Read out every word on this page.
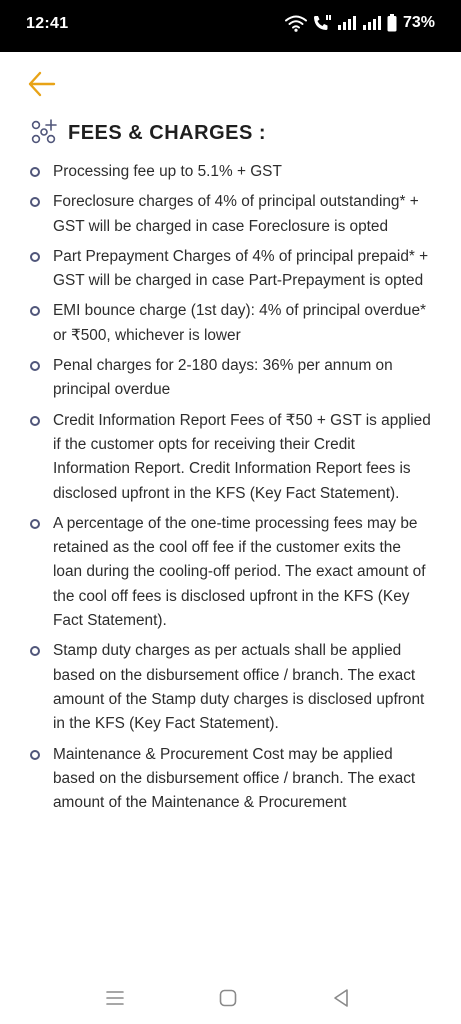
12:41	73%
FEES & CHARGES :
Processing fee up to 5.1% + GST
Foreclosure charges of 4% of principal outstanding* + GST will be charged in case Foreclosure is opted
Part Prepayment Charges of 4% of principal prepaid* + GST will be charged in case Part-Prepayment is opted
EMI bounce charge (1st day): 4% of principal overdue* or ₹500, whichever is lower
Penal charges for 2-180 days: 36% per annum on principal overdue
Credit Information Report Fees of ₹50 + GST is applied if the customer opts for receiving their Credit Information Report. Credit Information Report fees is disclosed upfront in the KFS (Key Fact Statement).
A percentage of the one-time processing fees may be retained as the cool off fee if the customer exits the loan during the cooling-off period. The exact amount of the cool off fees is disclosed upfront in the KFS (Key Fact Statement).
Stamp duty charges as per actuals shall be applied based on the disbursement office / branch. The exact amount of the Stamp duty charges is disclosed upfront in the KFS (Key Fact Statement).
Maintenance & Procurement Cost may be applied based on the disbursement office / branch. The exact amount of the Maintenance & Procurement
